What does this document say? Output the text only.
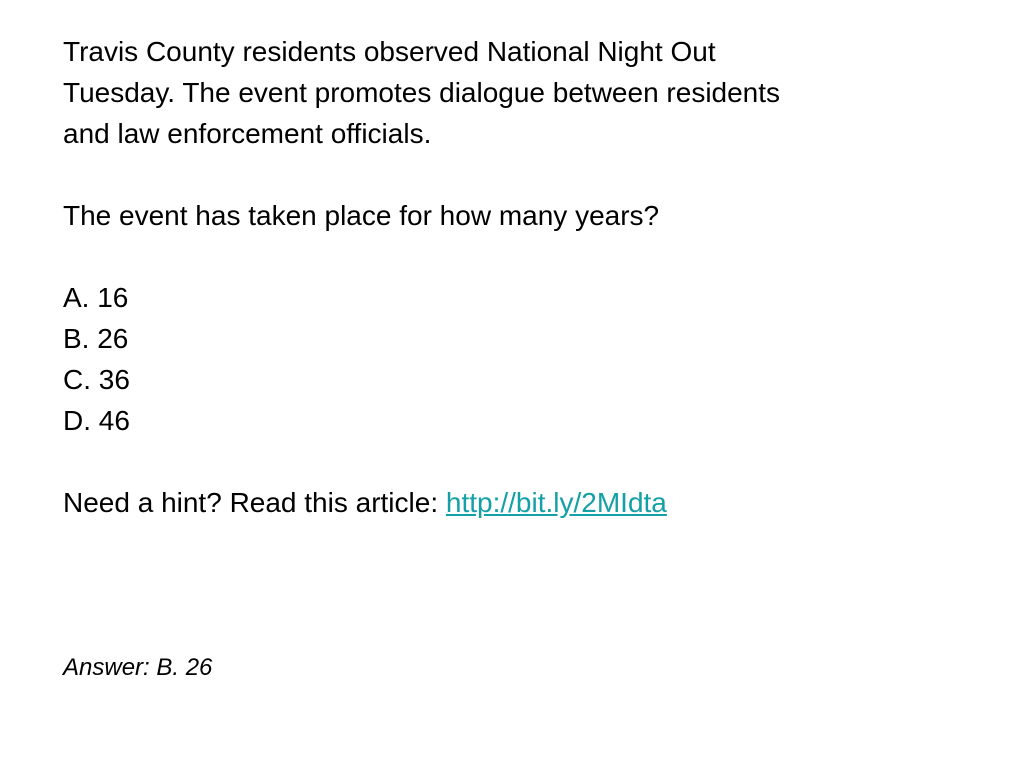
Travis County residents observed National Night Out

Tuesday. The event promotes dialogue between residents

and law enforcement officials.

The event has taken place for how many years?

A. 16

B. 26

C. 36

D. 46

Need a hint? Read this article: http://bit.ly/2MIdta

Answer: B. 26
